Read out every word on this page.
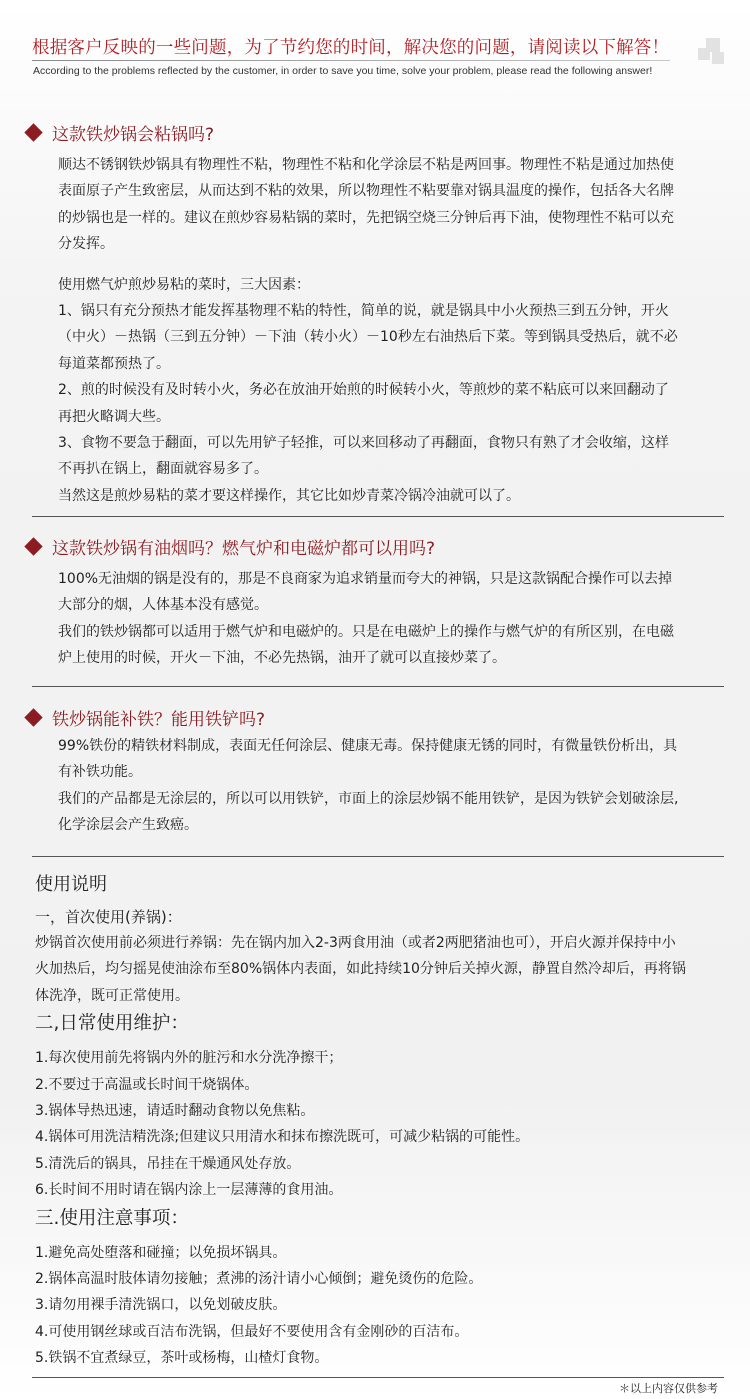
根据客户反映的一些问题，为了节约您的时间，解决您的问题，请阅读以下解答！
According to the problems reflected by the customer, in order to save you time, solve your problem, please read the following answer!
这款铁炒锅会粘锅吗?
顺达不锈钢铁炒锅具有物理性不粘，物理性不粘和化学涂层不粘是两回事。物理性不粘是通过加热使
表面原子产生致密层，从而达到不粘的效果，所以物理性不粘要靠对锅具温度的操作，包括各大名牌
的炒锅也是一样的。建议在煎炒容易粘锅的菜时，先把锅空烧三分钟后再下油，使物理性不粘可以充
分发挥。
使用燃气炉煎炒易粘的菜时，三大因素：
1、锅只有充分预热才能发挥基物理不粘的特性，简单的说，就是锅具中小火预热三到五分钟，开火
（中火）－热锅（三到五分钟）－下油（转小火）－10秒左右油热后下菜。等到锅具受热后，就不必
每道菜都预热了。
2、煎的时候没有及时转小火，务必在放油开始煎的时候转小火，等煎炒的菜不粘底可以来回翻动了
再把火略调大些。
3、食物不要急于翻面，可以先用铲子轻推，可以来回移动了再翻面，食物只有熟了才会收缩，这样
不再扒在锅上，翻面就容易多了。
当然这是煎炒易粘的菜才要这样操作，其它比如炒青菜冷锅冷油就可以了。
这款铁炒锅有油烟吗？燃气炉和电磁炉都可以用吗?
100%无油烟的锅是没有的，那是不良商家为追求销量而夸大的神锅，只是这款锅配合操作可以去掉
大部分的烟，人体基本没有感觉。
我们的铁炒锅都可以适用于燃气炉和电磁炉的。只是在电磁炉上的操作与燃气炉的有所区别，在电磁
炉上使用的时候，开火－下油，不必先热锅，油开了就可以直接炒菜了。
铁炒锅能补铁？能用铁铲吗?
99%铁份的精铁材料制成，表面无任何涂层、健康无毒。保持健康无锈的同时，有微量铁份析出，具
有补铁功能。
我们的产品都是无涂层的，所以可以用铁铲，市面上的涂层炒锅不能用铁铲，是因为铁铲会划破涂层,
化学涂层会产生致癌。
使用说明
一，首次使用(养锅)：
炒锅首次使用前必须进行养锅：先在锅内加入2-3两食用油（或者2两肥猪油也可），开启火源并保持中小
火加热后，均匀摇晃使油涂布至80%锅体内表面，如此持续10分钟后关掉火源，静置自然冷却后，再将锅
体洗净，既可正常使用。
二,日常使用维护：
1.每次使用前先将锅内外的脏污和水分洗净擦干；
2.不要过于高温或长时间干烧锅体。
3.锅体导热迅速，请适时翻动食物以免焦粘。
4.锅体可用洗洁精洗涤;但建议只用清水和抹布擦洗既可，可减少粘锅的可能性。
5.清洗后的锅具，吊挂在干燥通风处存放。
6.长时间不用时请在锅内涂上一层薄薄的食用油。
三.使用注意事项：
1.避免高处堕落和碰撞；以免损坏锅具。
2.锅体高温时肢体请勿接触；煮沸的汤汁请小心倾倒；避免烫伤的危险。
3.请勿用裸手清洗锅口，以免划破皮肤。
4.可使用钢丝球或百洁布洗锅，但最好不要使用含有金刚砂的百洁布。
5.铁锅不宜煮绿豆，茶叶或杨梅，山楂灯食物。
＊以上内容仅供参考
